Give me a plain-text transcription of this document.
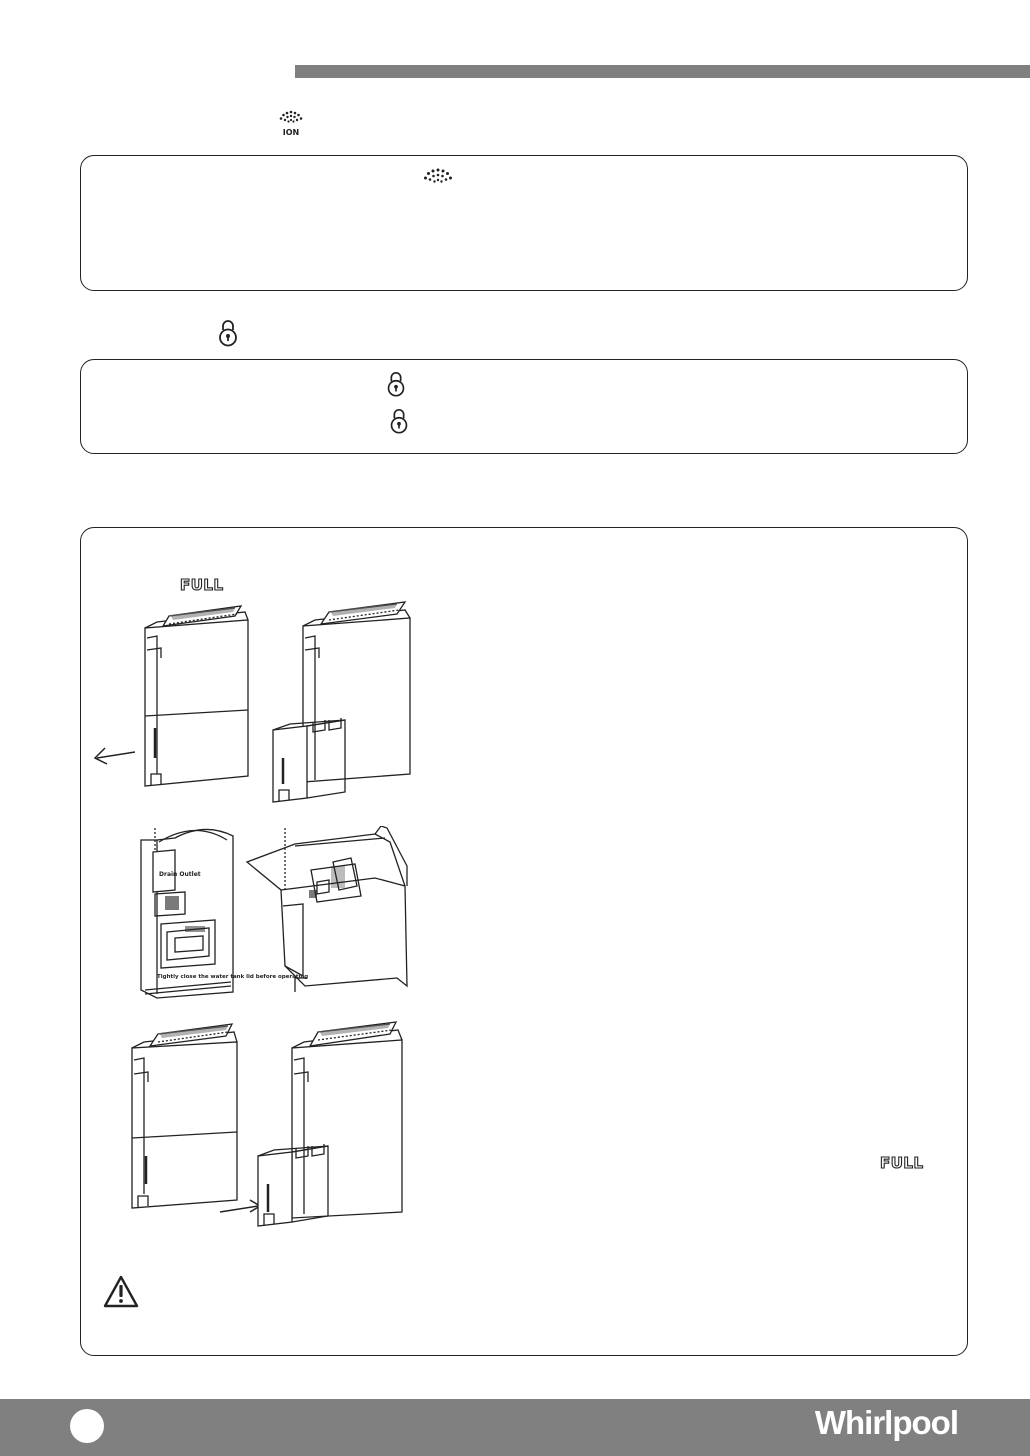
ION
FULL
FULL
Drain Outlet
Tightly close the water tank lid before operating
Whirlpool
